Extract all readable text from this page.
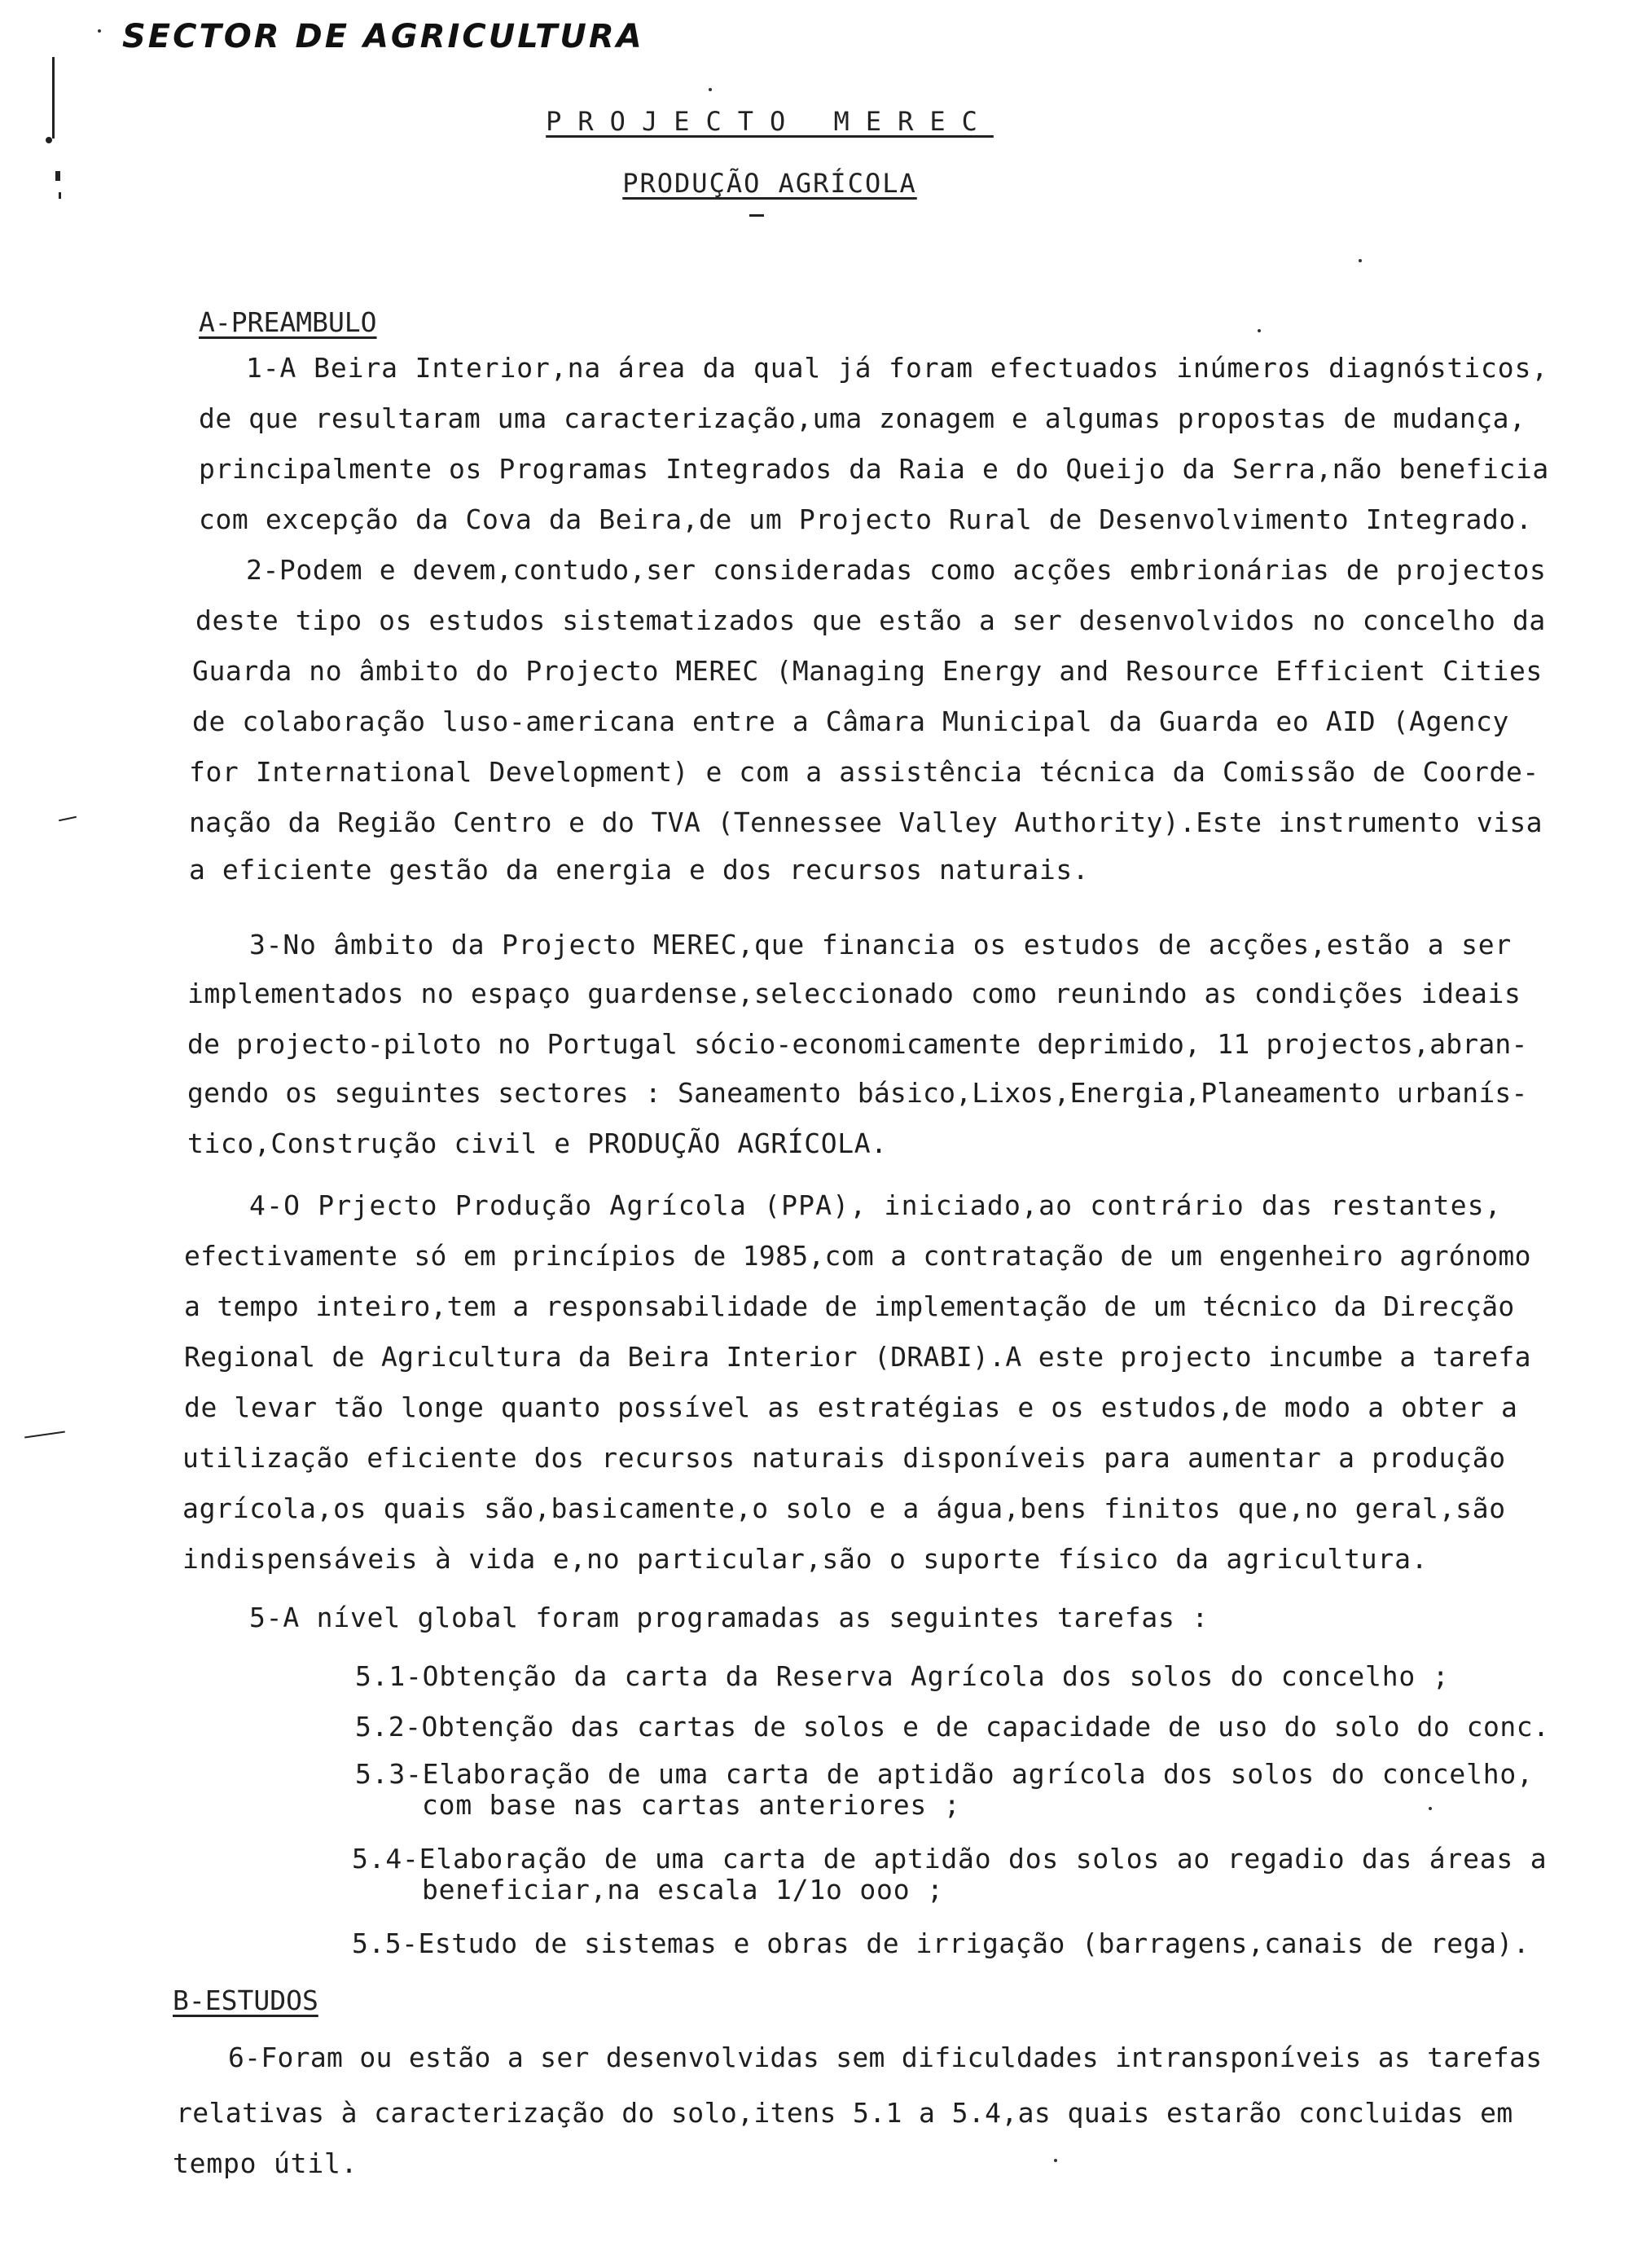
SECTOR DE AGRICULTURA
PROJECTO MEREC
PRODUÇÃO AGRÍCOLA
A-PREAMBULO
1-A Beira Interior,na área da qual já foram efectuados inúmeros diagnósticos,
de que resultaram uma caracterização,uma zonagem e algumas propostas de mudança,
principalmente os Programas Integrados da Raia e do Queijo da Serra,não beneficia
com excepção da Cova da Beira,de um Projecto Rural de Desenvolvimento Integrado.
2-Podem e devem,contudo,ser consideradas como acções embrionárias de projectos
deste tipo os estudos sistematizados que estão a ser desenvolvidos no concelho da
Guarda no âmbito do Projecto MEREC (Managing Energy and Resource Efficient Cities
de colaboração luso-americana entre a Câmara Municipal da Guarda eo AID (Agency
for International Development) e com a assistência técnica da Comissão de Coorde-
nação da Região Centro e do TVA (Tennessee Valley Authority).Este instrumento visa
a eficiente gestão da energia e dos recursos naturais.
3-No âmbito da Projecto MEREC,que financia os estudos de acções,estão a ser
implementados no espaço guardense,seleccionado como reunindo as condições ideais
de projecto-piloto no Portugal sócio-economicamente deprimido, 11 projectos,abran-
gendo os seguintes sectores : Saneamento básico,Lixos,Energia,Planeamento urbanís-
tico,Construção civil e PRODUÇÃO AGRÍCOLA.
4-O Prjecto Produção Agrícola (PPA), iniciado,ao contrário das restantes,
efectivamente só em princípios de 1985,com a contratação de um engenheiro agrónomo
a tempo inteiro,tem a responsabilidade de implementação de um técnico da Direcção
Regional de Agricultura da Beira Interior (DRABI).A este projecto incumbe a tarefa
de levar tão longe quanto possível as estratégias e os estudos,de modo a obter a
utilização eficiente dos recursos naturais disponíveis para aumentar a produção
agrícola,os quais são,basicamente,o solo e a água,bens finitos que,no geral,são
indispensáveis à vida e,no particular,são o suporte físico da agricultura.
5-A nível global foram programadas as seguintes tarefas :
5.1-Obtenção da carta da Reserva Agrícola dos solos do concelho ;
5.2-Obtenção das cartas de solos e de capacidade de uso do solo do conc.
5.3-Elaboração de uma carta de aptidão agrícola dos solos do concelho,
com base nas cartas anteriores ;
5.4-Elaboração de uma carta de aptidão dos solos ao regadio das áreas a
beneficiar,na escala 1/1o ooo ;
5.5-Estudo de sistemas e obras de irrigação (barragens,canais de rega).
B-ESTUDOS
6-Foram ou estão a ser desenvolvidas sem dificuldades intransponíveis as tarefas
relativas à caracterização do solo,itens 5.1 a 5.4,as quais estarão concluidas em
tempo útil.
